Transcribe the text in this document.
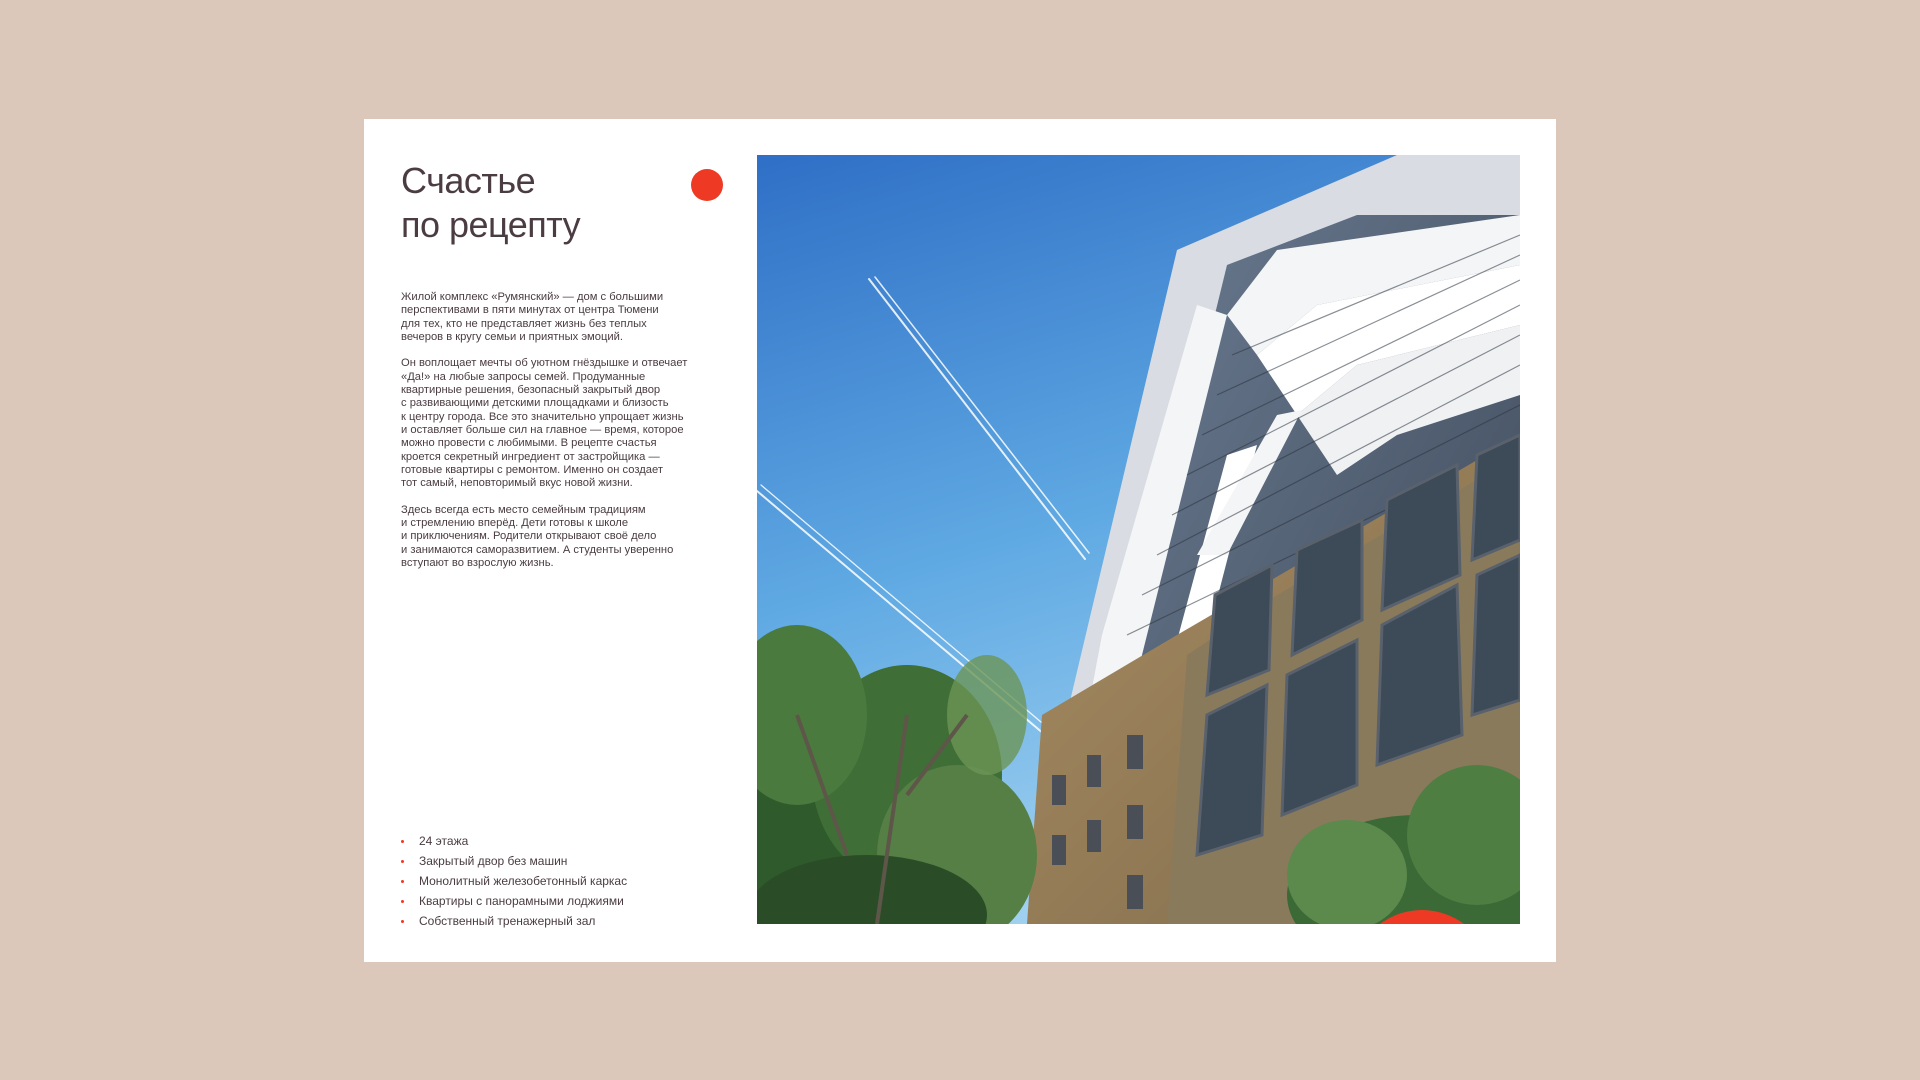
Счастье
по рецепту

Жилой комплекс «Румянский» — дом с большими
перспективами в пяти минутах от центра Тюмени
для тех, кто не представляет жизнь без теплых
вечеров в кругу семьи и приятных эмоций.

Он воплощает мечты об уютном гнёздышке и отвечает
«Да!» на любые запросы семей. Продуманные
квартирные решения, безопасный закрытый двор
с развивающими детскими площадками и близость
к центру города. Все это значительно упрощает жизнь
и оставляет больше сил на главное — время, которое
можно провести с любимыми. В рецепте счастья
кроется секретный ингредиент от застройщика —
готовые квартиры с ремонтом. Именно он создает
тот самый, неповторимый вкус новой жизни.

Здесь всегда есть место семейным традициям
и стремлению вперёд. Дети готовы к школе
и приключениям. Родители открывают своё дело
и занимаются саморазвитием. А студенты уверенно
вступают во взрослую жизнь.

24 этажа
Закрытый двор без машин
Монолитный железобетонный каркас
Квартиры с панорамными лоджиями
Собственный тренажерный зал
